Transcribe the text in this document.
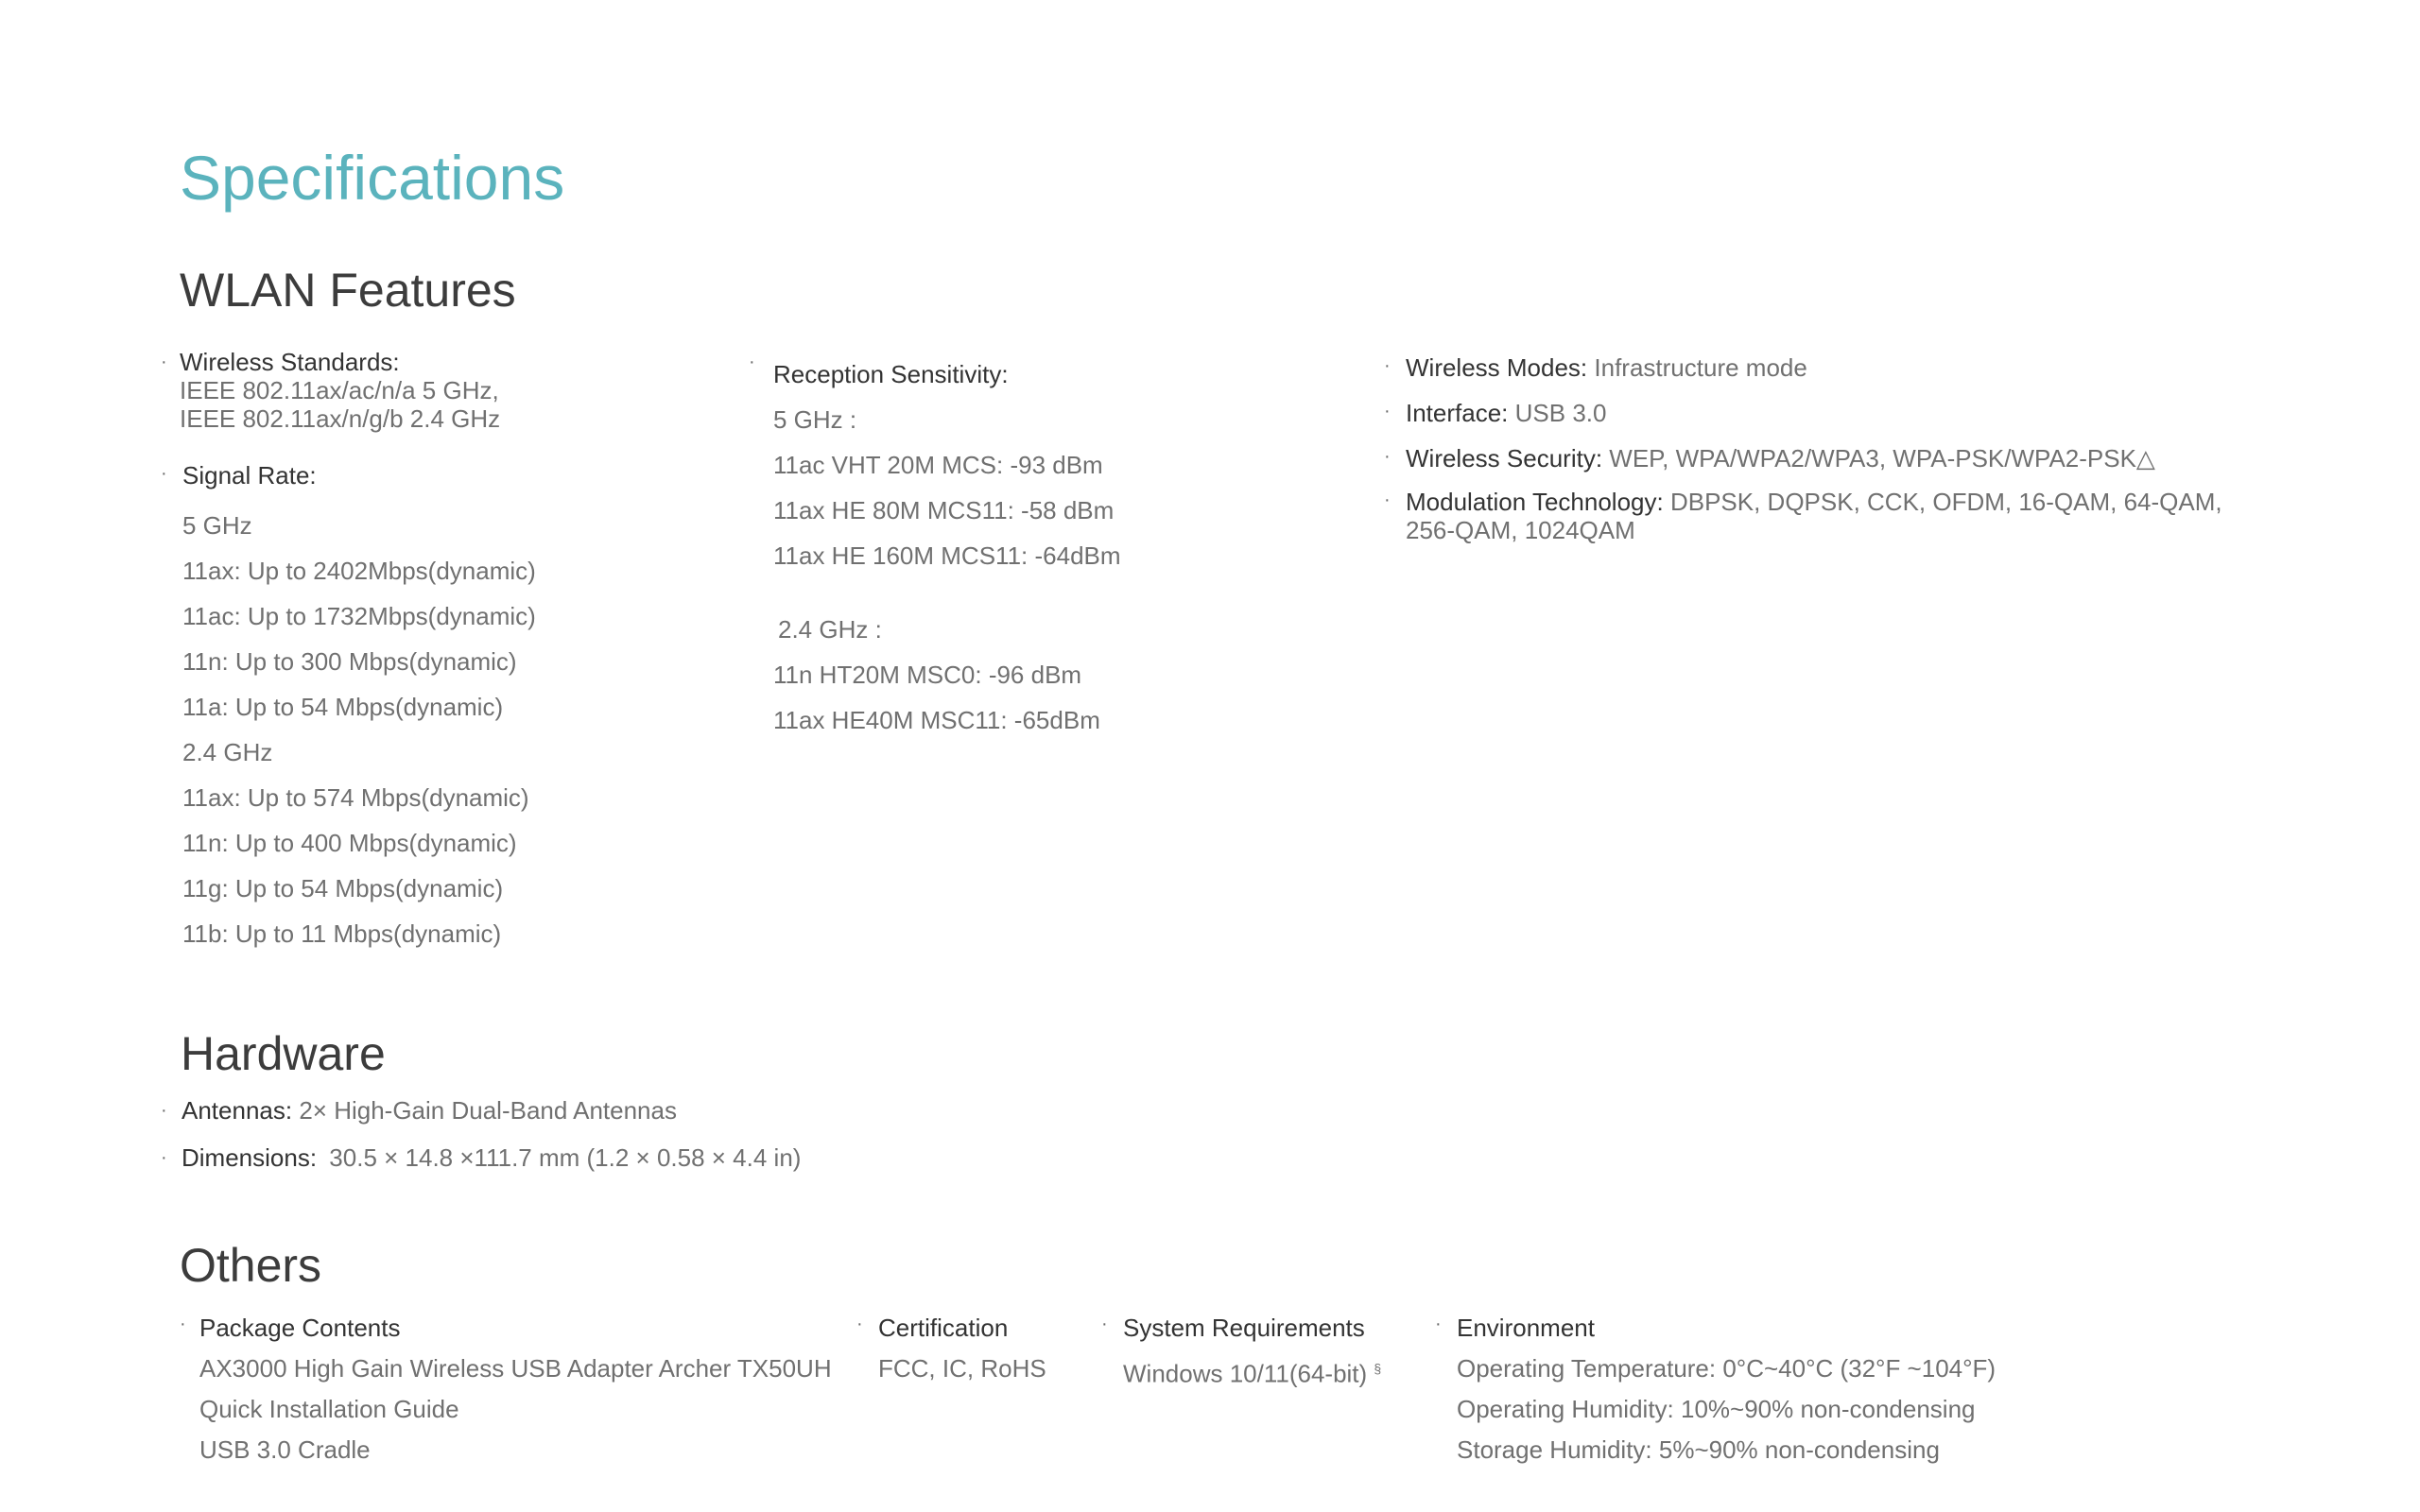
Specifications
WLAN Features
· Wireless Standards:
IEEE 802.11ax/ac/n/a 5 GHz,
IEEE 802.11ax/n/g/b 2.4 GHz
· Signal Rate:
5 GHz
11ax: Up to 2402Mbps(dynamic)
11ac: Up to 1732Mbps(dynamic)
11n: Up to 300 Mbps(dynamic)
11a: Up to 54 Mbps(dynamic)
2.4 GHz
11ax: Up to 574 Mbps(dynamic)
11n: Up to 400 Mbps(dynamic)
11g: Up to 54 Mbps(dynamic)
11b: Up to 11 Mbps(dynamic)
· Reception Sensitivity:
5 GHz :
11ac VHT 20M MCS: -93 dBm
11ax HE 80M MCS11: -58 dBm
11ax HE 160M MCS11: -64dBm
2.4 GHz :
11n HT20M MSC0: -96 dBm
11ax HE40M MSC11: -65dBm
· Wireless Modes: Infrastructure mode
· Interface: USB 3.0
· Wireless Security: WEP, WPA/WPA2/WPA3, WPA-PSK/WPA2-PSK△
· Modulation Technology: DBPSK, DQPSK, CCK, OFDM, 16-QAM, 64-QAM,
256-QAM, 1024QAM
Hardware
· Antennas: 2× High-Gain Dual-Band Antennas
· Dimensions: 30.5 × 14.8 ×111.7 mm (1.2 × 0.58 × 4.4 in)
Others
· Package Contents
AX3000 High Gain Wireless USB Adapter Archer TX50UH
Quick Installation Guide
USB 3.0 Cradle
· Certification
FCC, IC, RoHS
· System Requirements
Windows 10/11(64-bit) §
· Environment
Operating Temperature: 0°C~40°C (32°F ~104°F)
Operating Humidity: 10%~90% non-condensing
Storage Humidity: 5%~90% non-condensing
